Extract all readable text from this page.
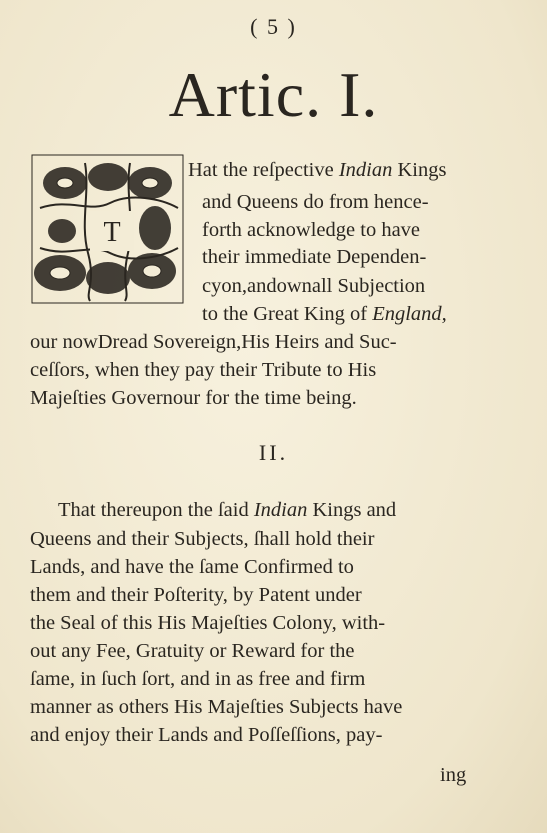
( 5 )
Artic. I.
T
Hat the reſpective Indian Kings
and Queens do from hence-
forth acknowledge to have
their immediate Dependen-
cyon,andownall Subjection
to the Great King of England,
our nowDread Sovereign,His Heirs and Suc-
ceſſors, when they pay their Tribute to His
Majeſties Governour for the time being.
II.
That thereupon the ſaid Indian Kings and
Queens and their Subjects, ſhall hold their
Lands, and have the ſame Confirmed to
them and their Poſterity, by Patent under
the Seal of this His Majeſties Colony, with-
out any Fee, Gratuity or Reward for the
ſame, in ſuch ſort, and in as free and firm
manner as others His Majeſties Subjects have
and enjoy their Lands and Poſſeſſions, pay-
ing
